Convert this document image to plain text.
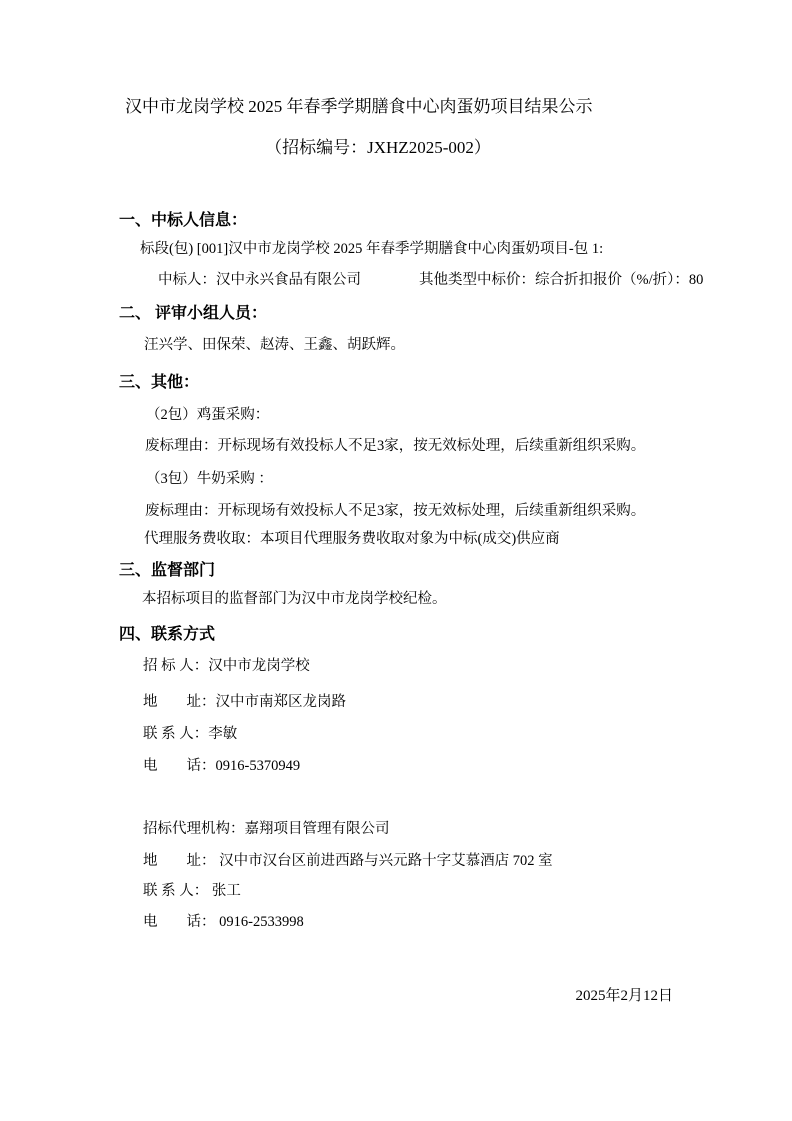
汉中市龙岗学校 2025 年春季学期膳食中心肉蛋奶项目结果公示

（招标编号：JXHZ2025-002）

一、中标人信息：

标段(包) [001]汉中市龙岗学校 2025 年春季学期膳食中心肉蛋奶项目-包 1:

中标人：汉中永兴食品有限公司	其他类型中标价：综合折扣报价（%/折）：80

二、 评审小组人员：

汪兴学、田保荣、赵涛、王鑫、胡跃辉。

三、其他：

（2包）鸡蛋采购：

废标理由：开标现场有效投标人不足3家，按无效标处理，后续重新组织采购。

（3包）牛奶采购 ：

废标理由：开标现场有效投标人不足3家，按无效标处理，后续重新组织采购。

代理服务费收取：本项目代理服务费收取对象为中标(成交)供应商

三、监督部门

本招标项目的监督部门为汉中市龙岗学校纪检。

四、联系方式

招 标 人：汉中市龙岗学校

地　　址：汉中市南郑区龙岗路

联 系 人：李敏

电　　话：0916-5370949

招标代理机构：嘉翔项目管理有限公司

地　　址： 汉中市汉台区前进西路与兴元路十字艾慕酒店 702 室

联 系 人： 张工

电　　话： 0916-2533998

2025年2月12日
